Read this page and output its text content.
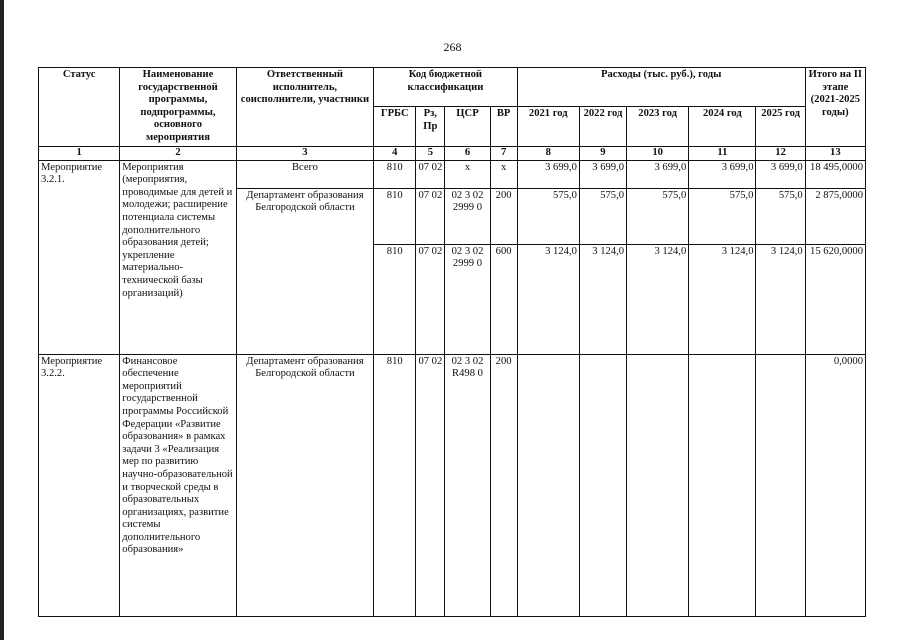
268
Статус	Наименование государственной программы, подпрограммы, основного мероприятия	Ответственный исполнитель, соисполнители, участники	Код бюджетной классификации				Расходы (тыс. руб.), годы					Итого на II этапе (2021-2025 годы)
			ГРБС	Рз, Пр	ЦСР	ВР	2021 год	2022 год	2023 год	2024 год	2025 год	
1	2	3	4	5	6	7	8	9	10	11	12	13
Мероприятие 3.2.1.	Мероприятия (мероприятия, проводимые для детей и молодежи; расширение потенциала системы дополнительного образования детей; укрепление материально-технической базы организаций)	Всего	810	07 02	х	х	3 699,0	3 699,0	3 699,0	3 699,0	3 699,0	18 495,0000
		Департамент образования Белгородской области	810	07 02	02 3 02 2999 0	200	575,0	575,0	575,0	575,0	575,0	2 875,0000
			810	07 02	02 3 02 2999 0	600	3 124,0	3 124,0	3 124,0	3 124,0	3 124,0	15 620,0000
Мероприятие 3.2.2.	Финансовое обеспечение мероприятий государственной программы Российской Федерации «Развитие образования» в рамках задачи 3 «Реализация мер по развитию научно-образовательной и творческой среды в образовательных организациях, развитие системы дополнительного образования»	Департамент образования Белгородской области	810	07 02	02 3 02 R498 0	200						0,0000
